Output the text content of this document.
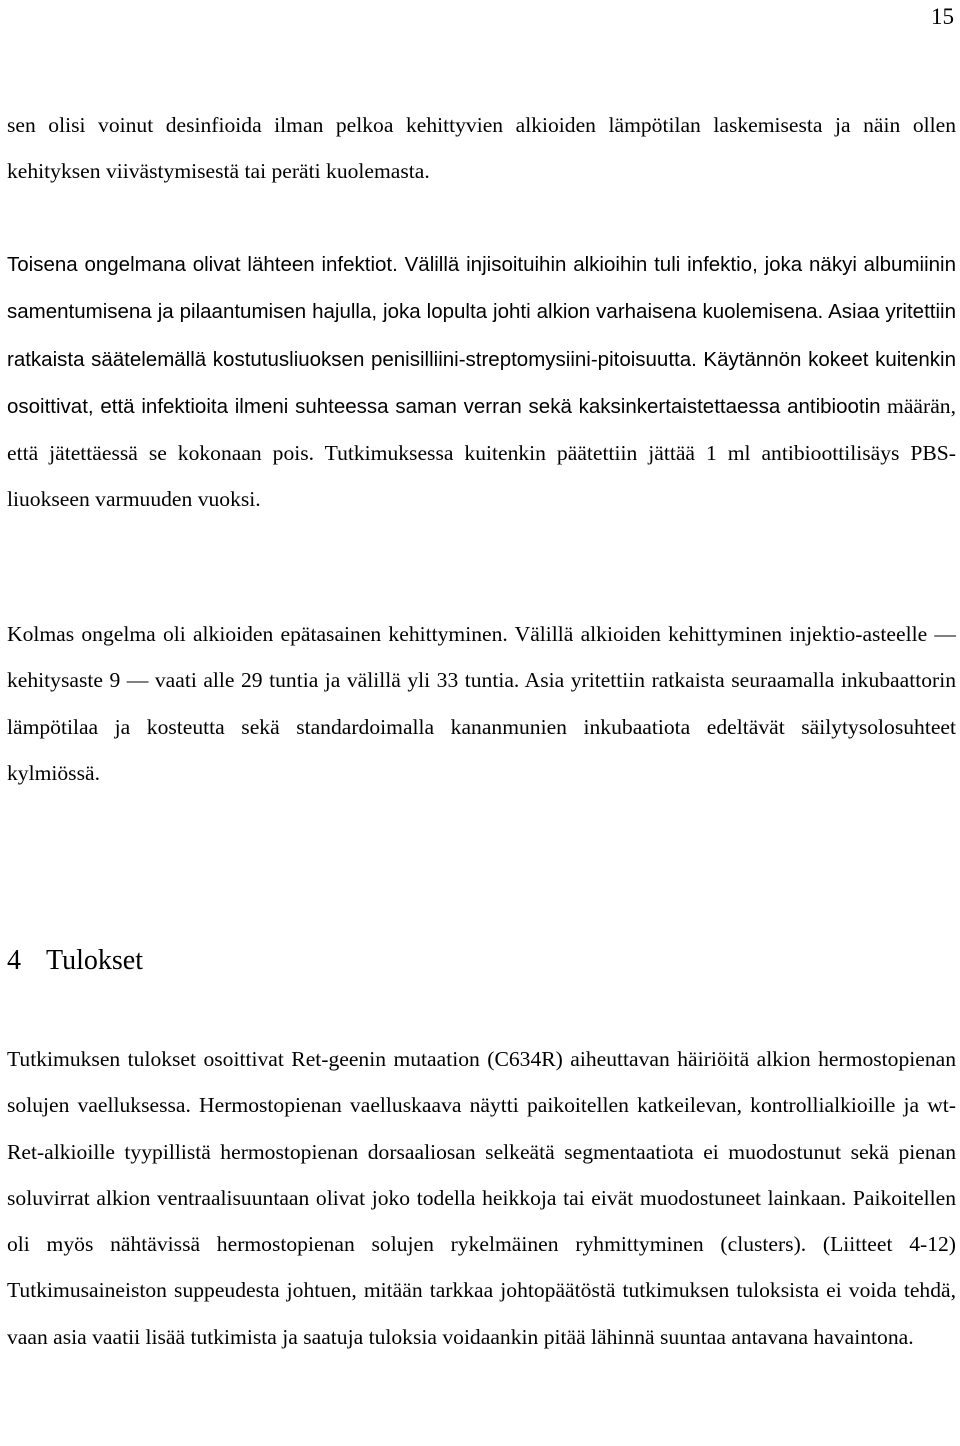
15

sen olisi voinut desinfioida ilman pelkoa kehittyvien alkioiden lämpötilan laskemisesta ja näin ollen kehityksen viivästymisestä tai peräti kuolemasta.

Toisena ongelmana olivat lähteen infektiot. Välillä injisoituihin alkioihin tuli infektio, joka näkyi albumiinin samentumisena ja pilaantumisen hajulla, joka lopulta johti alkion varhaisena kuolemisena. Asiaa yritettiin ratkaista säätelemällä kostutusliuoksen penisilliini-streptomysiini-pitoisuutta. Käytännön kokeet kuitenkin osoittivat, että infektioita ilmeni suhteessa saman verran sekä kaksinkertaistettaessa antibiootin määrän, että jätettäessä se kokonaan pois. Tutkimuksessa kuitenkin päätettiin jättää 1 ml antibioottilisäys PBS-liuokseen varmuuden vuoksi.

Kolmas ongelma oli alkioiden epätasainen kehittyminen. Välillä alkioiden kehittyminen injektio-asteelle — kehitysaste 9 — vaati alle 29 tuntia ja välillä yli 33 tuntia. Asia yritettiin ratkaista seuraamalla inkubaattorin lämpötilaa ja kosteutta sekä standardoimalla kananmunien inkubaatiota edeltävät säilytysolosuhteet kylmiössä.

4 Tulokset

Tutkimuksen tulokset osoittivat Ret-geenin mutaation (C634R) aiheuttavan häiriöitä alkion hermostopienan solujen vaelluksessa. Hermostopienan vaelluskaava näytti paikoitellen katkeilevan, kontrollialkioille ja wt-Ret-alkioille tyypillistä hermostopienan dorsaaliosan selkeätä segmentaatiota ei muodostunut sekä pienan soluvirrat alkion ventraalisuuntaan olivat joko todella heikkoja tai eivät muodostuneet lainkaan. Paikoitellen oli myös nähtävissä hermostopienan solujen rykelmäinen ryhmittyminen (clusters). (Liitteet 4-12) Tutkimusaineiston suppeudesta johtuen, mitään tarkkaa johtopäätöstä tutkimuksen tuloksista ei voida tehdä, vaan asia vaatii lisää tutkimista ja saatuja tuloksia voidaankin pitää lähinnä suuntaa antavana havaintona.
